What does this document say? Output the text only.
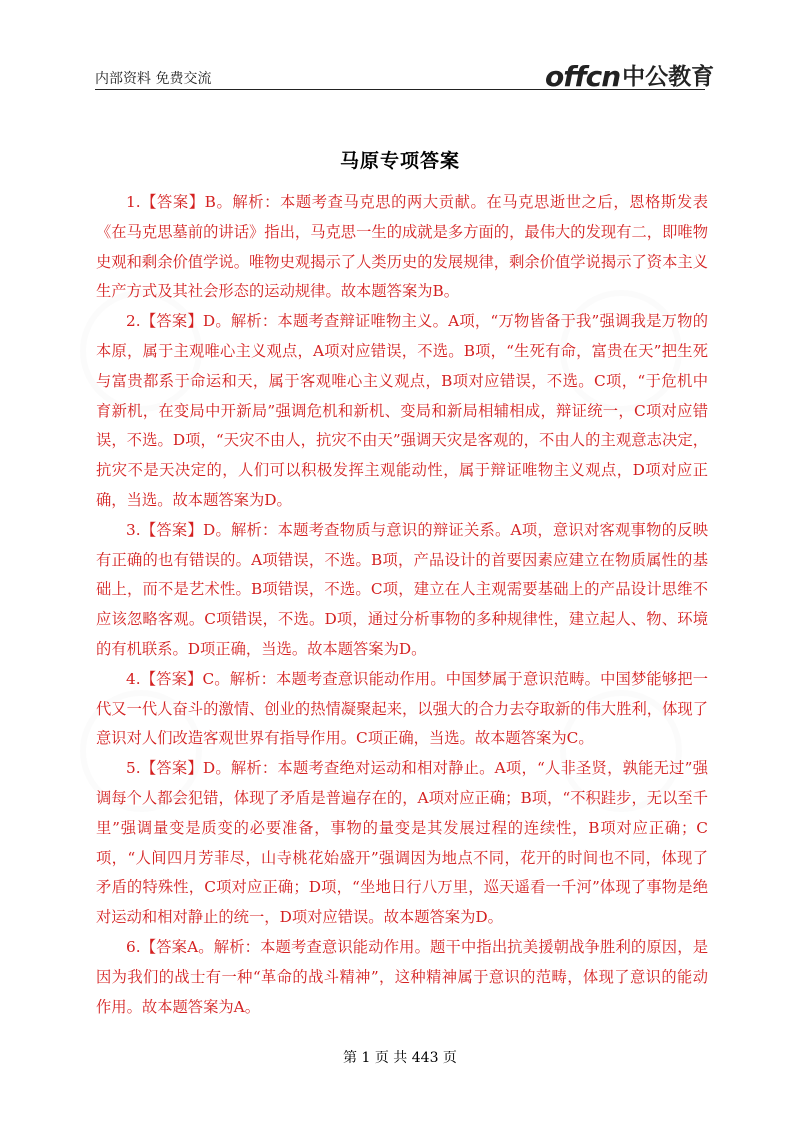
内部资料 免费交流	offcn 中公教育
马原专项答案

1.【答案】B。解析：本题考查马克思的两大贡献。在马克思逝世之后，恩格斯发表《在马克思墓前的讲话》指出，马克思一生的成就是多方面的，最伟大的发现有二，即唯物史观和剩余价值学说。唯物史观揭示了人类历史的发展规律，剩余价值学说揭示了资本主义生产方式及其社会形态的运动规律。故本题答案为B。

2.【答案】D。解析：本题考查辩证唯物主义。A项，“万物皆备于我”强调我是万物的本原，属于主观唯心主义观点，A项对应错误，不选。B项，“生死有命，富贵在天”把生死与富贵都系于命运和天，属于客观唯心主义观点，B项对应错误，不选。C项，“于危机中育新机，在变局中开新局”强调危机和新机、变局和新局相辅相成，辩证统一，C项对应错误，不选。D项，“天灾不由人，抗灾不由天”强调天灾是客观的，不由人的主观意志决定，抗灾不是天决定的，人们可以积极发挥主观能动性，属于辩证唯物主义观点，D项对应正确，当选。故本题答案为D。

3.【答案】D。解析：本题考查物质与意识的辩证关系。A项，意识对客观事物的反映有正确的也有错误的。A项错误，不选。B项，产品设计的首要因素应建立在物质属性的基础上，而不是艺术性。B项错误，不选。C项，建立在人主观需要基础上的产品设计思维不应该忽略客观。C项错误，不选。D项，通过分析事物的多种规律性，建立起人、物、环境的有机联系。D项正确，当选。故本题答案为D。

4.【答案】C。解析：本题考查意识能动作用。中国梦属于意识范畴。中国梦能够把一代又一代人奋斗的激情、创业的热情凝聚起来，以强大的合力去夺取新的伟大胜利，体现了意识对人们改造客观世界有指导作用。C项正确，当选。故本题答案为C。

5.【答案】D。解析：本题考查绝对运动和相对静止。A项，“人非圣贤，孰能无过”强调每个人都会犯错，体现了矛盾是普遍存在的，A项对应正确；B项，“不积跬步，无以至千里”强调量变是质变的必要准备，事物的量变是其发展过程的连续性，B项对应正确；C项，“人间四月芳菲尽，山寺桃花始盛开”强调因为地点不同，花开的时间也不同，体现了矛盾的特殊性，C项对应正确；D项，“坐地日行八万里，巡天遥看一千河”体现了事物是绝对运动和相对静止的统一，D项对应错误。故本题答案为D。

6.【答案A。解析：本题考查意识能动作用。题干中指出抗美援朝战争胜利的原因，是因为我们的战士有一种“革命的战斗精神”，这种精神属于意识的范畴，体现了意识的能动作用。故本题答案为A。

第 1 页 共 443 页
